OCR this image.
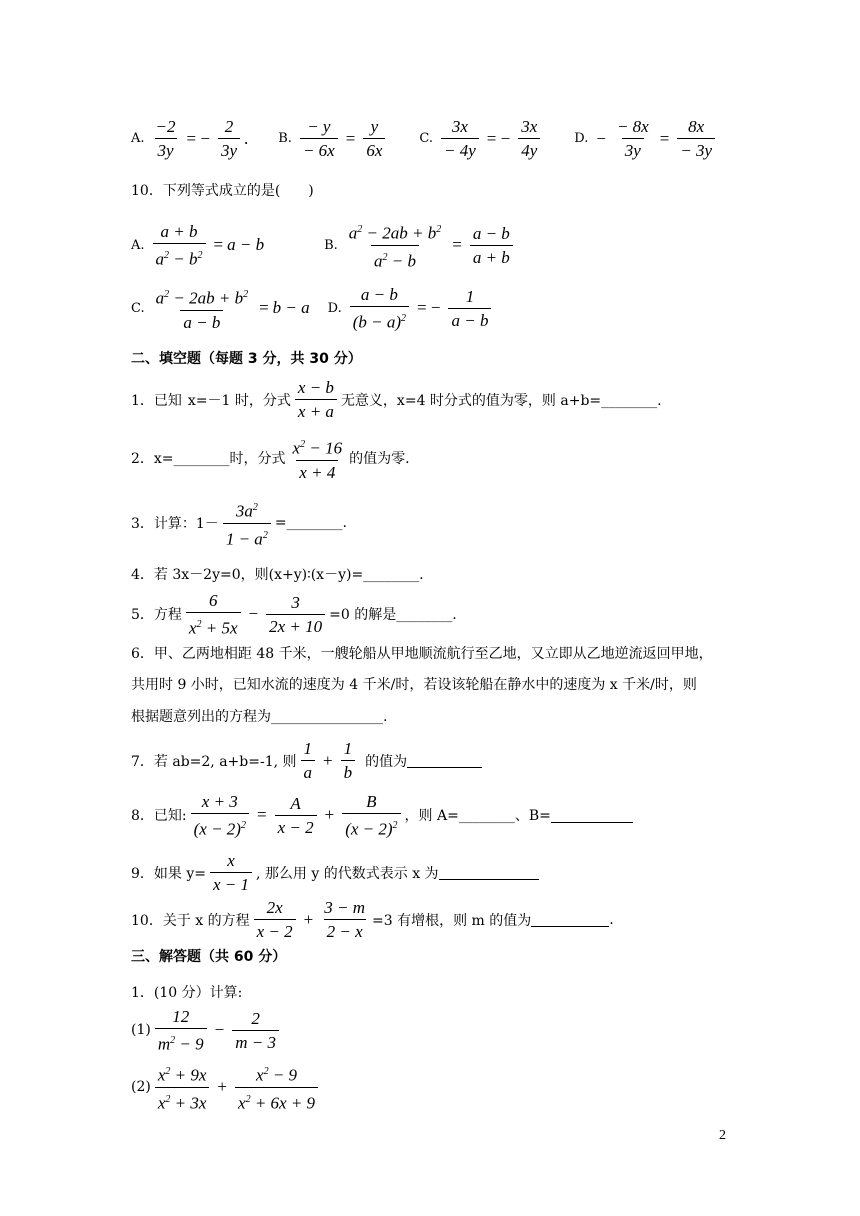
A. $\frac{-2}{3y}$ = − $\frac{2}{3y}$ . B. $\frac{- y}{- 6x} = \frac{y}{6x}$	C. $\frac{3x}{- 4y}$ = − $\frac{3x}{4y}$	D. − $\frac{- 8x}{3y} = \frac{8x}{- 3y}$
10．下列等式成立的是(　　)
A. $\frac{a + b}{a^2 - b^2} = a - b$	B. $\frac{a^2 - 2ab + b^2}{a^2 - b} = \frac{a - b}{a + b}$
C. $\frac{a^2 - 2ab + b^2}{a - b} = b - a$ D. $\frac{a - b}{(b - a)^2}$ = − $\frac{1}{a - b}$
二、填空题（每题 3 分，共 30 分）
1．已知 x=－1 时，分式 $\frac{x - b}{x + a}$ 无意义，x=4 时分式的值为零，则 a+b=________.
2．x=________时，分式 $\frac{x^2 - 16}{x + 4}$ 的值为零.
3．计算：$1- \frac{3a^2}{1 - a^2}$ =________.
4．若 3x－2y=0，则(x+y)∶(x－y)=________.
5．方程 $\frac{6}{x^2 + 5x} - \frac{3}{2x + 10} =0$ 的解是________.
6．甲、乙两地相距 48 千米，一艘轮船从甲地顺流航行至乙地，又立即从乙地逆流返回甲地，
共用时 9 小时，已知水流的速度为 4 千米/时，若设该轮船在静水中的速度为 x 千米/时，则
根据题意列出的方程为________________.
7．若 ab=2, a+b=-1, 则 $\frac{1}{a} + \frac{1}{b}$ 的值为
8．已知: $\frac{x + 3}{(x - 2)^2} = \frac{A}{x - 2} + \frac{B}{(x - 2)^2}$ ，则 A=________、B=
9．如果 $y= \frac{x}{x - 1}$ , 那么用 y 的代数式表示 x 为
10．关于 x 的方程 $\frac{2x}{x - 2} + \frac{3 - m}{2 - x} =3$ 有增根，则 m 的值为	.
三、解答题（共 60 分）
1．(10 分）计算:
$(1) \frac{12}{m^2 - 9} - \frac{2}{m - 3}$
$(2) \frac{x^2 + 9x}{x^2 + 3x} + \frac{x^2 - 9}{x^2 + 6x + 9}$
2
